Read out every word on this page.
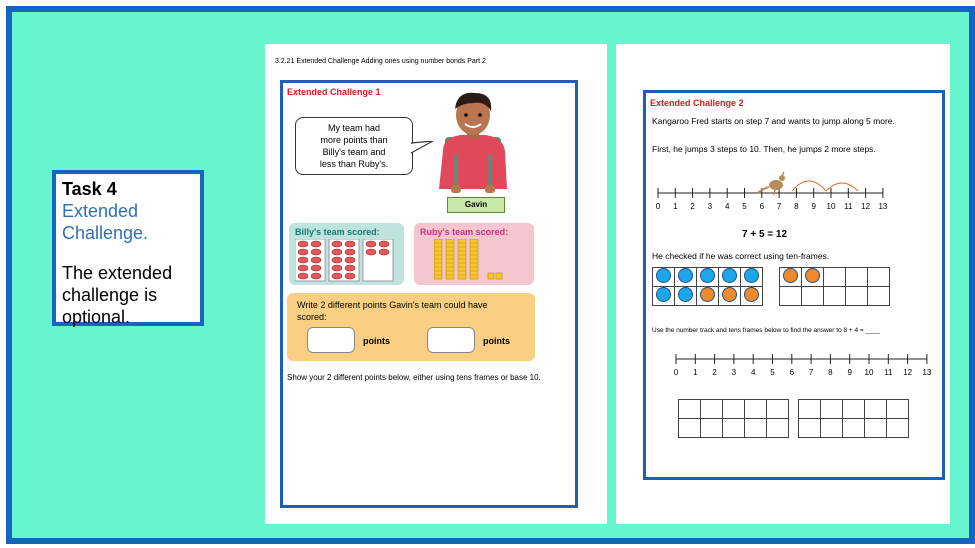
Task 4
Extended
Challenge.
The extended
challenge is
optional.
3.2.21 Extended Challenge Adding ones using number bonds Part 2
Extended Challenge 1
My team had
more points than
Billy's team and
less than Ruby's.
Gavin
Billy's team scored:	Ruby's team scored:
Write 2 different points Gavin's team could have scored:
points	points
Show your 2 different points below, either using tens frames or base 10.
Extended Challenge 2
Kangaroo Fred starts on step 7 and wants to jump along 5 more.
First, he jumps 3 steps to 10. Then, he jumps 2 more steps.
0 1 2 3 4 5 6 7 8 9 10 11 12 13
7 + 5 = 12
He checked if he was correct using ten-frames.

Use the number track and tens frames below to find the answer to 8 + 4 = ____
0 1 2 3 4 5 6 7 8 9 10 11 12 13
